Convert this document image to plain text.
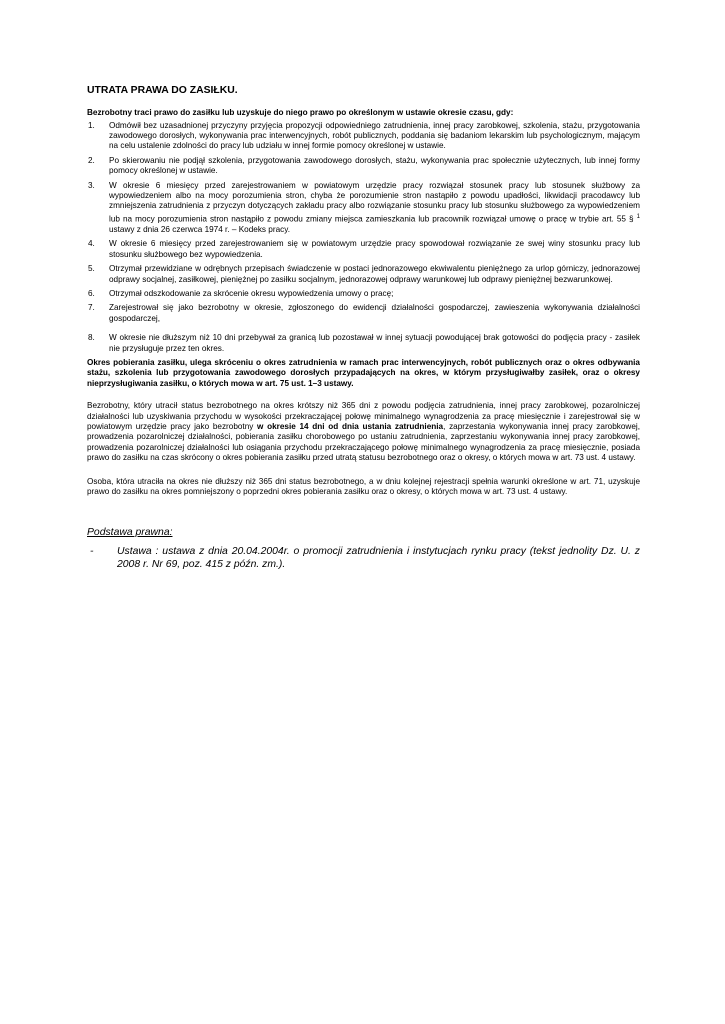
UTRATA PRAWA DO ZASIŁKU.
Bezrobotny traci prawo do zasiłku lub uzyskuje do niego prawo po określonym w ustawie okresie czasu, gdy:
1. Odmówił bez uzasadnionej przyczyny przyjęcia propozycji odpowiedniego zatrudnienia, innej pracy zarobkowej, szkolenia, stażu, przygotowania zawodowego dorosłych, wykonywania prac interwencyjnych, robót publicznych, poddania się badaniom lekarskim lub psychologicznym, mającym na celu ustalenie zdolności do pracy lub udziału w innej formie pomocy określonej w ustawie.
2. Po skierowaniu nie podjął szkolenia, przygotowania zawodowego dorosłych, stażu, wykonywania prac społecznie użytecznych, lub innej formy pomocy określonej w ustawie.
3. W okresie 6 miesięcy przed zarejestrowaniem w powiatowym urzędzie pracy rozwiązał stosunek pracy lub stosunek służbowy za wypowiedzeniem albo na mocy porozumienia stron, chyba że porozumienie stron nastąpiło z powodu upadłości, likwidacji pracodawcy lub zmniejszenia zatrudnienia z przyczyn dotyczących zakładu pracy albo rozwiązanie stosunku pracy lub stosunku służbowego za wypowiedzeniem lub na mocy porozumienia stron nastąpiło z powodu zmiany miejsca zamieszkania lub pracownik rozwiązał umowę o pracę w trybie art. 55 § $^1$ ustawy z dnia 26 czerwca 1974 r. – Kodeks pracy.
4. W okresie 6 miesięcy przed zarejestrowaniem się w powiatowym urzędzie pracy spowodował rozwiązanie ze swej winy stosunku pracy lub stosunku służbowego bez wypowiedzenia.
5. Otrzymał przewidziane w odrębnych przepisach świadczenie w postaci jednorazowego ekwiwalentu pieniężnego za urlop górniczy, jednorazowej odprawy socjalnej, zasiłkowej, pieniężnej po zasiłku socjalnym, jednorazowej odprawy warunkowej lub odprawy pieniężnej bezwarunkowej.
6. Otrzymał odszkodowanie za skrócenie okresu wypowiedzenia umowy o pracę;
7. Zarejestrował się jako bezrobotny w okresie, zgłoszonego do ewidencji działalności gospodarczej, zawieszenia wykonywania działalności gospodarczej,
8. W okresie nie dłuższym niż 10 dni przebywał za granicą lub pozostawał w innej sytuacji powodującej brak gotowości do podjęcia pracy - zasiłek nie przysługuje przez ten okres.
Okres pobierania zasiłku, ulega skróceniu o okres zatrudnienia w ramach prac interwencyjnych, robót publicznych oraz o okres odbywania stażu, szkolenia lub przygotowania zawodowego dorosłych przypadających na okres, w którym przysługiwałby zasiłek, oraz o okresy nieprzysługiwania zasiłku, o których mowa w art. 75 ust. 1–3 ustawy.
Bezrobotny, który utracił status bezrobotnego na okres krótszy niż 365 dni z powodu podjęcia zatrudnienia, innej pracy zarobkowej, pozarolniczej działalności lub uzyskiwania przychodu w wysokości przekraczającej połowę minimalnego wynagrodzenia za pracę miesięcznie i zarejestrował się w powiatowym urzędzie pracy jako bezrobotny w okresie 14 dni od dnia ustania zatrudnienia, zaprzestania wykonywania innej pracy zarobkowej, prowadzenia pozarolniczej działalności, pobierania zasiłku chorobowego po ustaniu zatrudnienia, zaprzestaniu wykonywania innej pracy zarobkowej, prowadzenia pozarolniczej działalności lub osiągania przychodu przekraczającego połowę minimalnego wynagrodzenia za pracę miesięcznie, posiada prawo do zasiłku na czas skrócony o okres pobierania zasiłku przed utratą statusu bezrobotnego oraz o okresy, o których mowa w art. 73 ust. 4 ustawy.
Osoba, która utraciła na okres nie dłuższy niż 365 dni status bezrobotnego, a w dniu kolejnej rejestracji spełnia warunki określone w art. 71, uzyskuje prawo do zasiłku na okres pomniejszony o poprzedni okres pobierania zasiłku oraz o okresy, o których mowa w art. 73 ust. 4 ustawy.
Podstawa prawna:
- Ustawa : ustawa z dnia 20.04.2004r. o promocji zatrudnienia i instytucjach rynku pracy (tekst jednolity Dz. U. z 2008 r. Nr 69, poz. 415 z późn. zm.).
